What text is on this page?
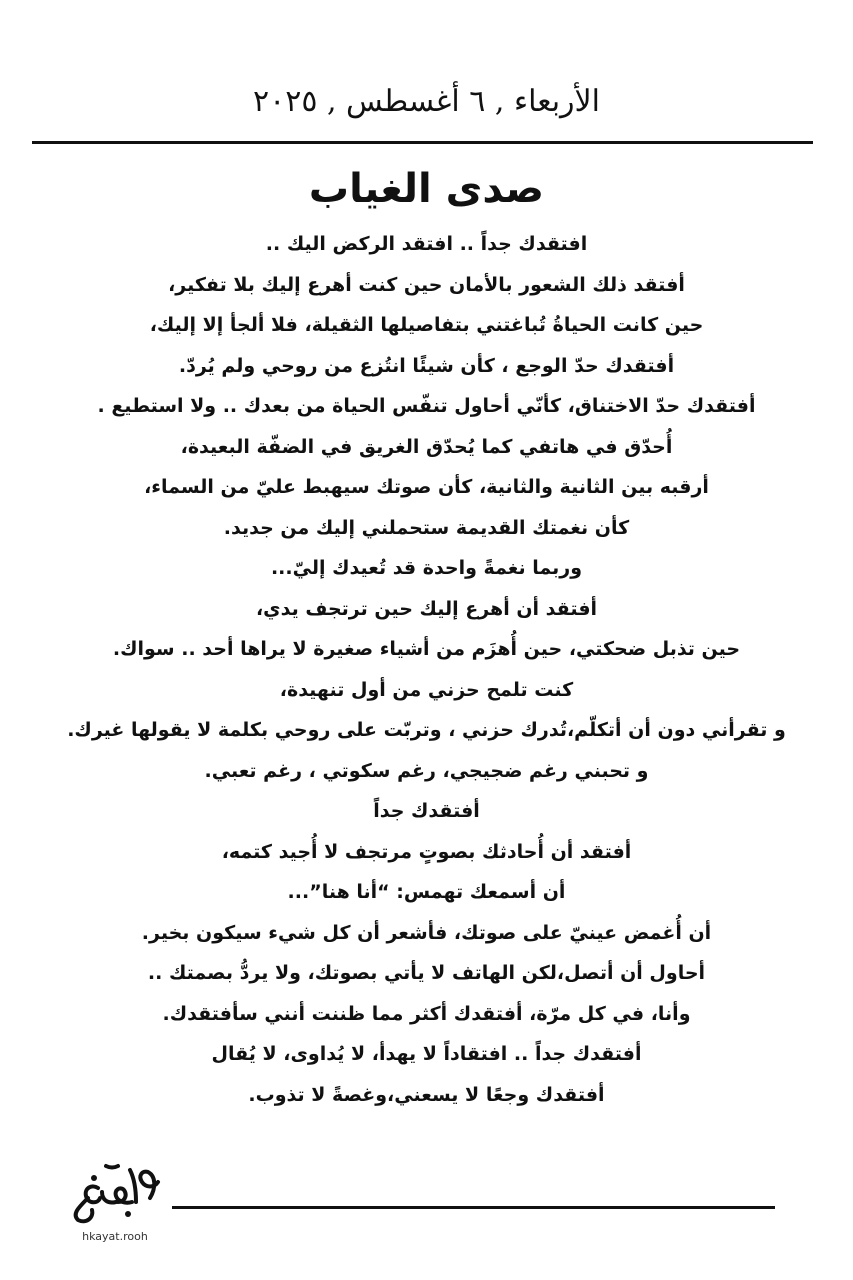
الأربعاء , ٦ أغسطس , ٢٠٢٥
صدى الغياب
افتقدك جداً .. افتقد الركض اليك ..
أفتقد ذلك الشعور بالأمان حين كنت أهرع إليك بلا تفكير،
حين كانت الحياةُ تُباغتني بتفاصيلها الثقيلة، فلا ألجأ إلا إليك،
أفتقدك حدّ الوجع ، كأن شيئًا انتُزع من روحي ولم يُردّ.
أفتقدك حدّ الاختناق، كأنّي أحاول تنفّس الحياة من بعدك .. ولا استطيع .
أُحدّق في هاتفي كما يُحدّق الغريق في الضفّة البعيدة،
أرقبه بين الثانية والثانية، كأن صوتك سيهبط عليّ من السماء،
كأن نغمتك القديمة ستحملني إليك من جديد.
وربما نغمةً واحدة قد تُعيدك إليّ...
أفتقد أن أهرع إليك حين ترتجف يدي،
حين تذبل ضحكتي، حين أُهزَم من أشياء صغيرة لا يراها أحد .. سواك.
كنت تلمح حزني من أول تنهيدة،
و تقرأني دون أن أتكلّم،تُدرك حزني ، وتربّت على روحي بكلمة لا يقولها غيرك.
و تحبني رغم ضجيجي، رغم سكوتي ، رغم تعبي.
أفتقدك جداً
أفتقد أن أُحادثك بصوتٍ مرتجف لا أُجيد كتمه،
أن أسمعك تهمس: “أنا هنا”...
أن أُغمض عينيّ على صوتك، فأشعر أن كل شيء سيكون بخير.
أحاول أن أتصل،لكن الهاتف لا يأتي بصوتك، ولا يردُّ بصمتك ..
وأنا، في كل مرّة، أفتقدك أكثر مما ظننت أنني سأفتقدك.
أفتقدك جداً .. افتقاداً لا يهدأ، لا يُداوى، لا يُقال
أفتقدك وجعًا لا يسعني،وغصةً لا تذوب.
hkayat.rooh
